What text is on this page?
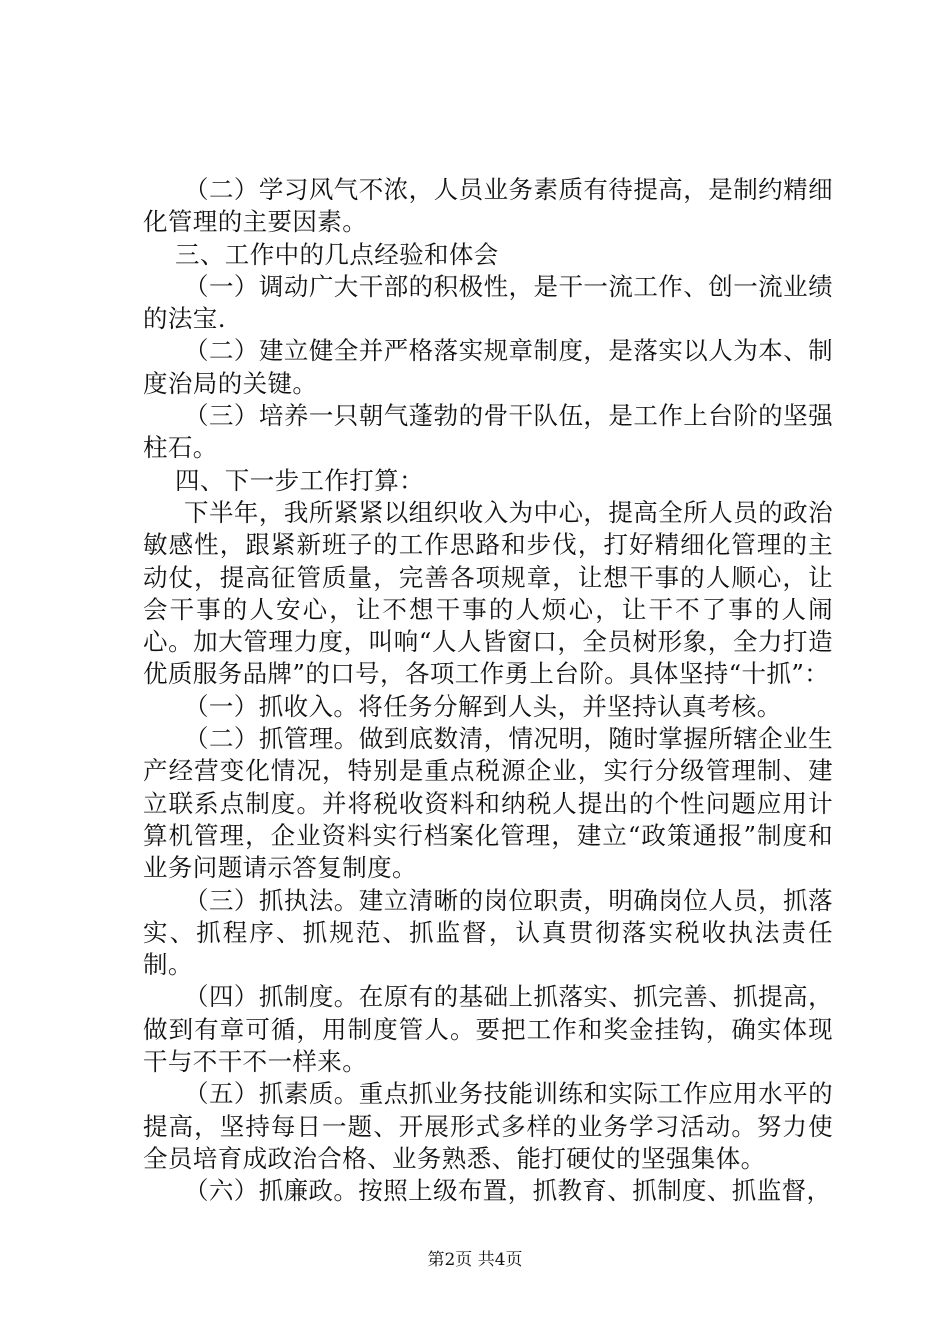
（二）学习风气不浓，人员业务素质有待提高，是制约精细化管理的主要因素。

三、工作中的几点经验和体会

（一）调动广大干部的积极性，是干一流工作、创一流业绩的法宝.

（二）建立健全并严格落实规章制度，是落实以人为本、制度治局的关键。

（三）培养一只朝气蓬勃的骨干队伍，是工作上台阶的坚强柱石。

四、下一步工作打算：

下半年，我所紧紧以组织收入为中心，提高全所人员的政治敏感性，跟紧新班子的工作思路和步伐，打好精细化管理的主动仗，提高征管质量，完善各项规章，让想干事的人顺心，让会干事的人安心，让不想干事的人烦心，让干不了事的人闹心。加大管理力度，叫响“人人皆窗口，全员树形象，全力打造优质服务品牌”的口号，各项工作勇上台阶。具体坚持“十抓”：

（一）抓收入。将任务分解到人头，并坚持认真考核。

（二）抓管理。做到底数清，情况明，随时掌握所辖企业生产经营变化情况，特别是重点税源企业，实行分级管理制、建立联系点制度。并将税收资料和纳税人提出的个性问题应用计算机管理，企业资料实行档案化管理，建立“政策通报”制度和业务问题请示答复制度。

（三）抓执法。建立清晰的岗位职责，明确岗位人员，抓落实、抓程序、抓规范、抓监督，认真贯彻落实税收执法责任制。

（四）抓制度。在原有的基础上抓落实、抓完善、抓提高，做到有章可循，用制度管人。要把工作和奖金挂钩，确实体现干与不干不一样来。

（五）抓素质。重点抓业务技能训练和实际工作应用水平的提高，坚持每日一题、开展形式多样的业务学习活动。努力使全员培育成政治合格、业务熟悉、能打硬仗的坚强集体。

（六）抓廉政。按照上级布置，抓教育、抓制度、抓监督，

第2页 共4页
